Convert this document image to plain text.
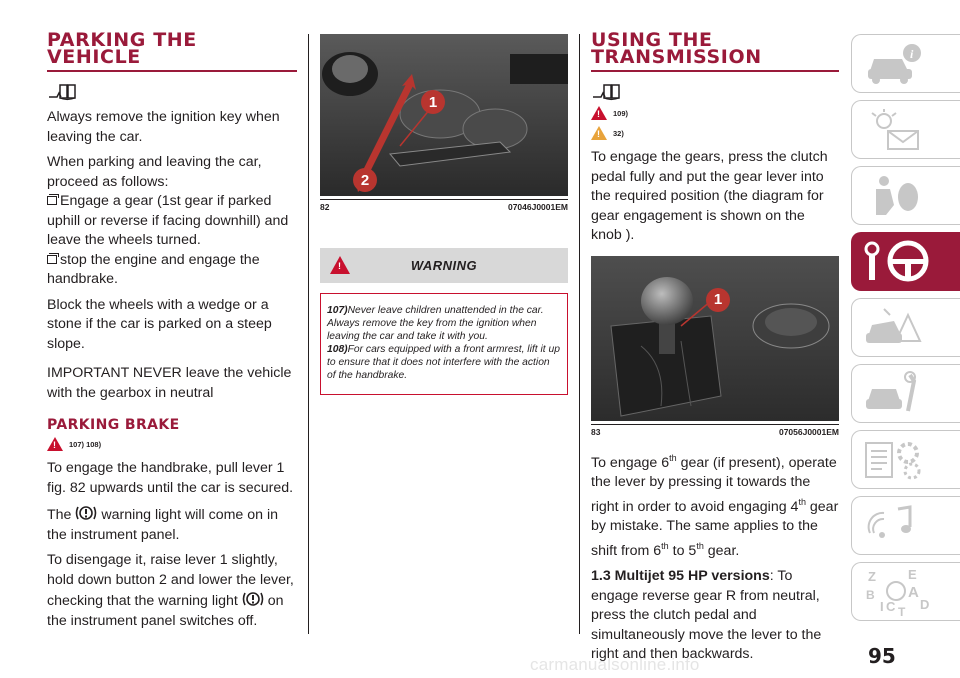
PARKING THE
VEHICLE

Always remove the ignition key when leaving the car.

When parking and leaving the car, proceed as follows:

Engage a gear (1st gear if parked uphill or reverse if facing downhill) and leave the wheels turned.

stop the engine and engage the handbrake.

Block the wheels with a wedge or a stone if the car is parked on a steep slope.

IMPORTANT NEVER leave the vehicle with the gearbox in neutral

PARKING BRAKE
! 107) 108)

To engage the handbrake, pull lever 1 fig. 82 upwards until the car is secured.

The warning light will come on in the instrument panel.

To disengage it, raise lever 1 slightly, hold down button 2 and lower the lever, checking that the warning light on the instrument panel switches off.

1
2
82	07046J0001EM
!	WARNING
107)Never leave children unattended in the car. Always remove the key from the ignition when leaving the car and take it with you.
108)For cars equipped with a front armrest, lift it up to ensure that it does not interfere with the action of the handbrake.
USING THE
TRANSMISSION
! 109)
! 32)

To engage the gears, press the clutch pedal fully and put the gear lever into the required position (the diagram for gear engagement is shown on the knob ).

1
83	07056J0001EM

To engage 6th gear (if present), operate the lever by pressing it towards the right in order to avoid engaging 4th gear by mistake. The same applies to the shift from 6th to 5th gear.

1.3 Multijet 95 HP versions: To engage reverse gear R from neutral, press the clutch pedal and simultaneously move the lever to the right and then backwards.

i
Z E
B A
I C D
T
95
carmanualsonline.info
